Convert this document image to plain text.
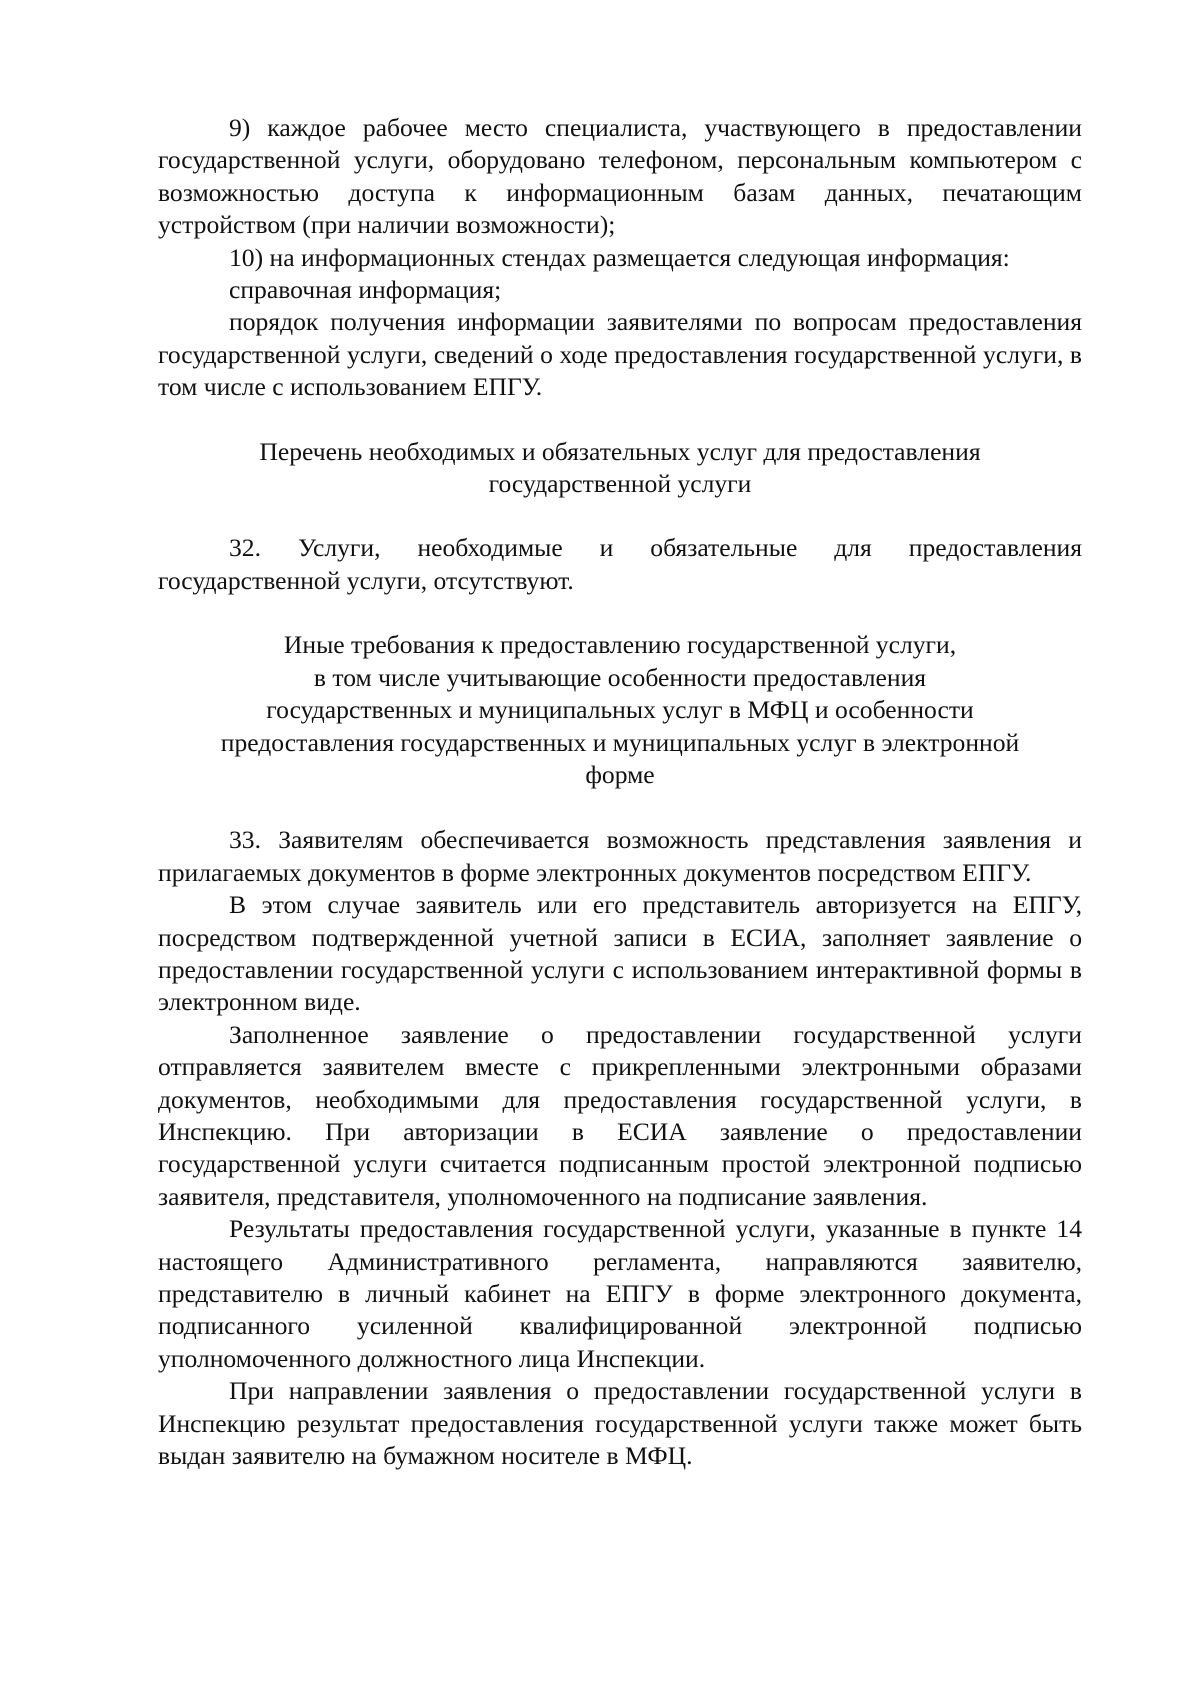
9) каждое рабочее место специалиста, участвующего в предоставлении государственной услуги, оборудовано телефоном, персональным компьютером с возможностью доступа к информационным базам данных, печатающим устройством (при наличии возможности);

10) на информационных стендах размещается следующая информация:

справочная информация;

порядок получения информации заявителями по вопросам предоставления государственной услуги, сведений о ходе предоставления государственной услуги, в том числе с использованием ЕПГУ.

Перечень необходимых и обязательных услуг для предоставления
государственной услуги

32. Услуги, необходимые и обязательные для предоставления государственной услуги, отсутствуют.

Иные требования к предоставлению государственной услуги,
в том числе учитывающие особенности предоставления
государственных и муниципальных услуг в МФЦ и особенности
предоставления государственных и муниципальных услуг в электронной
форме

33. Заявителям обеспечивается возможность представления заявления и прилагаемых документов в форме электронных документов посредством ЕПГУ.

В этом случае заявитель или его представитель авторизуется на ЕПГУ, посредством подтвержденной учетной записи в ЕСИА, заполняет заявление о предоставлении государственной услуги с использованием интерактивной формы в электронном виде.

Заполненное заявление о предоставлении государственной услуги отправляется заявителем вместе с прикрепленными электронными образами документов, необходимыми для предоставления государственной услуги, в Инспекцию. При авторизации в ЕСИА заявление о предоставлении государственной услуги считается подписанным простой электронной подписью заявителя, представителя, уполномоченного на подписание заявления.

Результаты предоставления государственной услуги, указанные в пункте 14 настоящего Административного регламента, направляются заявителю, представителю в личный кабинет на ЕПГУ в форме электронного документа, подписанного усиленной квалифицированной электронной подписью уполномоченного должностного лица Инспекции.

При направлении заявления о предоставлении государственной услуги в Инспекцию результат предоставления государственной услуги также может быть выдан заявителю на бумажном носителе в МФЦ.
